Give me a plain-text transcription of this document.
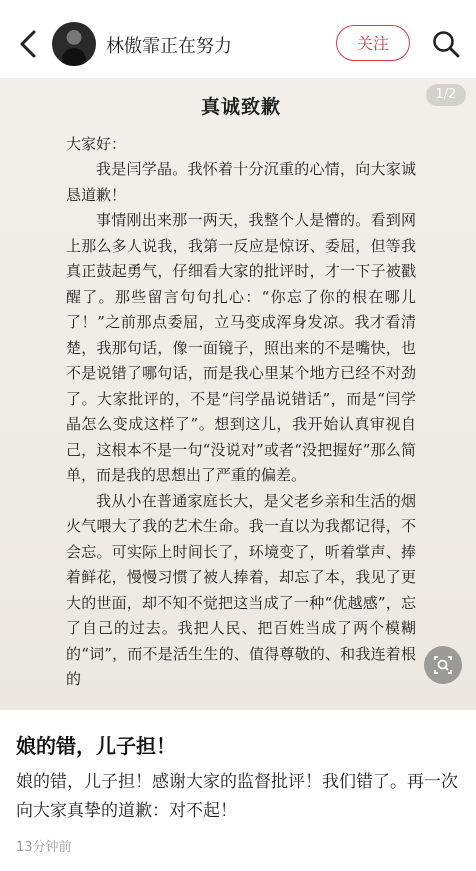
林傲霏正在努力	关注
1/2
真诚致歉
大家好：

我是闫学晶。我怀着十分沉重的心情，向大家诚恳道歉！

事情刚出来那一两天，我整个人是懵的。看到网上那么多人说我，我第一反应是惊讶、委屈，但等我真正鼓起勇气，仔细看大家的批评时，才一下子被戳醒了。那些留言句句扎心：“你忘了你的根在哪儿了！”之前那点委屈，立马变成浑身发凉。我才看清楚，我那句话，像一面镜子，照出来的不是嘴快，也不是说错了哪句话，而是我心里某个地方已经不对劲了。大家批评的，不是“闫学晶说错话”，而是“闫学晶怎么变成这样了”。想到这儿，我开始认真审视自己，这根本不是一句“没说对”或者“没把握好”那么简单，而是我的思想出了严重的偏差。

我从小在普通家庭长大，是父老乡亲和生活的烟火气喂大了我的艺术生命。我一直以为我都记得，不会忘。可实际上时间长了，环境变了，听着掌声、捧着鲜花，慢慢习惯了被人捧着，却忘了本，我见了更大的世面，却不知不觉把这当成了一种“优越感”，忘了自己的过去。我把人民、把百姓当成了两个模糊的“词”，而不是活生生的、值得尊敬的、和我连着根的

娘的错，儿子担！
娘的错，儿子担！感谢大家的监督批评！我们错了。再一次向大家真挚的道歉：对不起！
13分钟前
